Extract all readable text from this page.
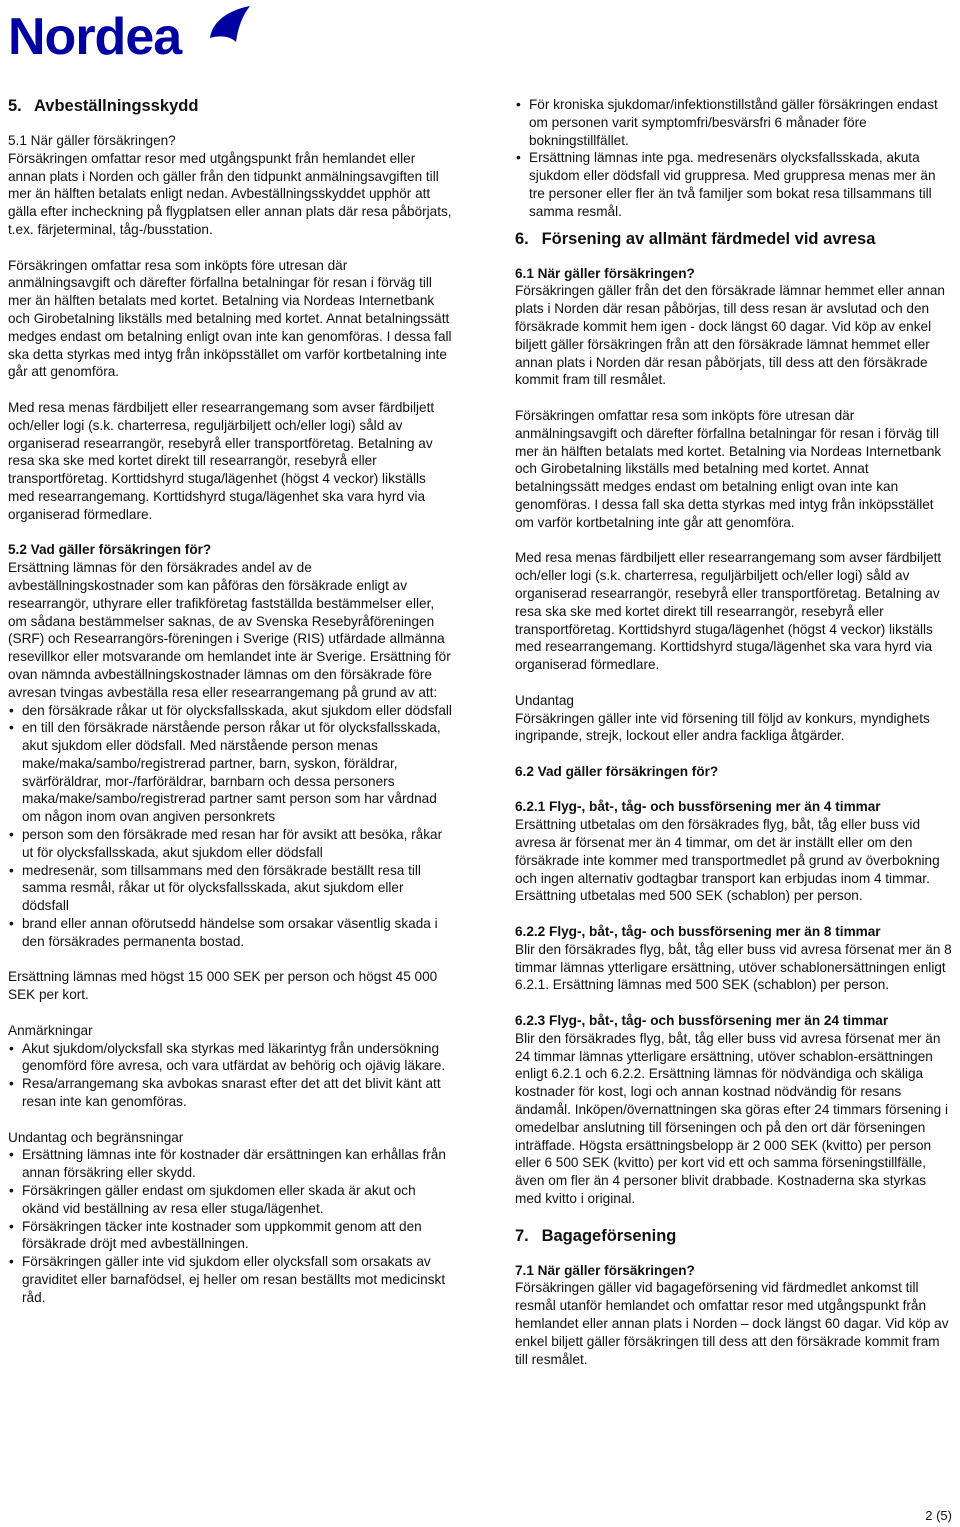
Nordea
5. Avbeställningsskydd
5.1 När gäller försäkringen?

Försäkringen omfattar resor med utgångspunkt från hemlandet eller annan plats i Norden och gäller från den tidpunkt anmälningsavgiften till mer än hälften betalats enligt nedan. Avbeställningsskyddet upphör att gälla efter incheckning på flygplatsen eller annan plats där resa påbörjats, t.ex. färjeterminal, tåg-/busstation.

Försäkringen omfattar resa som inköpts före utresan där anmälningsavgift och därefter förfallna betalningar för resan i förväg till mer än hälften betalats med kortet. Betalning via Nordeas Internetbank och Girobetalning likställs med betalning med kortet. Annat betalningssätt medges endast om betalning enligt ovan inte kan genomföras. I dessa fall ska detta styrkas med intyg från inköpsstället om varför kortbetalning inte går att genomföra.

Med resa menas färdbiljett eller researrangemang som avser färdbiljett och/eller logi (s.k. charterresa, reguljärbiljett och/eller logi) såld av organiserad researrangör, resebyrå eller transportföretag. Betalning av resa ska ske med kortet direkt till researrangör, resebyrå eller transportföretag. Korttidshyrd stuga/lägenhet (högst 4 veckor) likställs med researrangemang. Korttidshyrd stuga/lägenhet ska vara hyrd via organiserad förmedlare.

5.2 Vad gäller försäkringen för?

Ersättning lämnas för den försäkrades andel av de avbeställningskostnader som kan påföras den försäkrade enligt av researrangör, uthyrare eller trafikföretag fastställda bestämmelser eller, om sådana bestämmelser saknas, de av Svenska Resebyråföreningen (SRF) och Researrangörs-föreningen i Sverige (RIS) utfärdade allmänna resevillkor eller motsvarande om hemlandet inte är Sverige. Ersättning för ovan nämnda avbeställningskostnader lämnas om den försäkrade före avresan tvingas avbeställa resa eller researrangemang på grund av att:

• den försäkrade råkar ut för olycksfallsskada, akut sjukdom eller dödsfall
• en till den försäkrade närstående person råkar ut för olycksfallsskada, akut sjukdom eller dödsfall. Med närstående person menas make/maka/sambo/registrerad partner, barn, syskon, föräldrar, svärföräldrar, mor-/farföräldrar, barnbarn och dessa personers maka/make/sambo/registrerad partner samt person som har vårdnad om någon inom ovan angiven personkrets
• person som den försäkrade med resan har för avsikt att besöka, råkar ut för olycksfallsskada, akut sjukdom eller dödsfall
• medresenär, som tillsammans med den försäkrade beställt resa till samma resmål, råkar ut för olycksfallsskada, akut sjukdom eller dödsfall
• brand eller annan oförutsedd händelse som orsakar väsentlig skada i den försäkrades permanenta bostad.

Ersättning lämnas med högst 15 000 SEK per person och högst 45 000 SEK per kort.

Anmärkningar

• Akut sjukdom/olycksfall ska styrkas med läkarintyg från undersökning genomförd före avresa, och vara utfärdat av behörig och ojävig läkare.
• Resa/arrangemang ska avbokas snarast efter det att det blivit känt att resan inte kan genomföras.

Undantag och begränsningar

• Ersättning lämnas inte för kostnader där ersättningen kan erhållas från annan försäkring eller skydd.
• Försäkringen gäller endast om sjukdomen eller skada är akut och okänd vid beställning av resa eller stuga/lägenhet.
• Försäkringen täcker inte kostnader som uppkommit genom att den försäkrade dröjt med avbeställningen.
• Försäkringen gäller inte vid sjukdom eller olycksfall som orsakats av graviditet eller barnafödsel, ej heller om resan beställts mot medicinskt råd.
• För kroniska sjukdomar/infektionstillstånd gäller försäkringen endast om personen varit symptomfri/besvärsfri 6 månader före bokningstillfället.
• Ersättning lämnas inte pga. medresenärs olycksfallsskada, akuta sjukdom eller dödsfall vid gruppresa. Med gruppresa menas mer än tre personer eller fler än två familjer som bokat resa tillsammans till samma resmål.
6. Försening av allmänt färdmedel vid avresa
6.1 När gäller försäkringen?

Försäkringen gäller från det den försäkrade lämnar hemmet eller annan plats i Norden där resan påbörjas, till dess resan är avslutad och den försäkrade kommit hem igen - dock längst 60 dagar. Vid köp av enkel biljett gäller försäkringen från att den försäkrade lämnat hemmet eller annan plats i Norden där resan påbörjats, till dess att den försäkrade kommit fram till resmålet.

Försäkringen omfattar resa som inköpts före utresan där anmälningsavgift och därefter förfallna betalningar för resan i förväg till mer än hälften betalats med kortet. Betalning via Nordeas Internetbank och Girobetalning likställs med betalning med kortet. Annat betalningssätt medges endast om betalning enligt ovan inte kan genomföras. I dessa fall ska detta styrkas med intyg från inköpsstället om varför kortbetalning inte går att genomföra.

Med resa menas färdbiljett eller researrangemang som avser färdbiljett och/eller logi (s.k. charterresa, reguljärbiljett och/eller logi) såld av organiserad researrangör, resebyrå eller transportföretag. Betalning av resa ska ske med kortet direkt till researrangör, resebyrå eller transportföretag. Korttidshyrd stuga/lägenhet (högst 4 veckor) likställs med researrangemang. Korttidshyrd stuga/lägenhet ska vara hyrd via organiserad förmedlare.

Undantag

Försäkringen gäller inte vid försening till följd av konkurs, myndighets ingripande, strejk, lockout eller andra fackliga åtgärder.

6.2 Vad gäller försäkringen för?
6.2.1 Flyg-, båt-, tåg- och bussförsening mer än 4 timmar

Ersättning utbetalas om den försäkrades flyg, båt, tåg eller buss vid avresa är försenat mer än 4 timmar, om det är inställt eller om den försäkrade inte kommer med transportmedlet på grund av överbokning och ingen alternativ godtagbar transport kan erbjudas inom 4 timmar. Ersättning utbetalas med 500 SEK (schablon) per person.

6.2.2 Flyg-, båt-, tåg- och bussförsening mer än 8 timmar

Blir den försäkrades flyg, båt, tåg eller buss vid avresa försenat mer än 8 timmar lämnas ytterligare ersättning, utöver schablonersättningen enligt 6.2.1. Ersättning lämnas med 500 SEK (schablon) per person.

6.2.3 Flyg-, båt-, tåg- och bussförsening mer än 24 timmar

Blir den försäkrades flyg, båt, tåg eller buss vid avresa försenat mer än 24 timmar lämnas ytterligare ersättning, utöver schablon-ersättningen enligt 6.2.1 och 6.2.2. Ersättning lämnas för nödvändiga och skäliga kostnader för kost, logi och annan kostnad nödvändig för resans ändamål. Inköpen/övernattningen ska göras efter 24 timmars försening i omedelbar anslutning till förseningen och på den ort där förseningen inträffade. Högsta ersättningsbelopp är 2 000 SEK (kvitto) per person eller 6 500 SEK (kvitto) per kort vid ett och samma förseningstillfälle, även om fler än 4 personer blivit drabbade. Kostnaderna ska styrkas med kvitto i original.

7. Bagageförsening
7.1 När gäller försäkringen?

Försäkringen gäller vid bagageförsening vid färdmedlet ankomst till resmål utanför hemlandet och omfattar resor med utgångspunkt från hemlandet eller annan plats i Norden – dock längst 60 dagar. Vid köp av enkel biljett gäller försäkringen till dess att den försäkrade kommit fram till resmålet.

2 (5)
